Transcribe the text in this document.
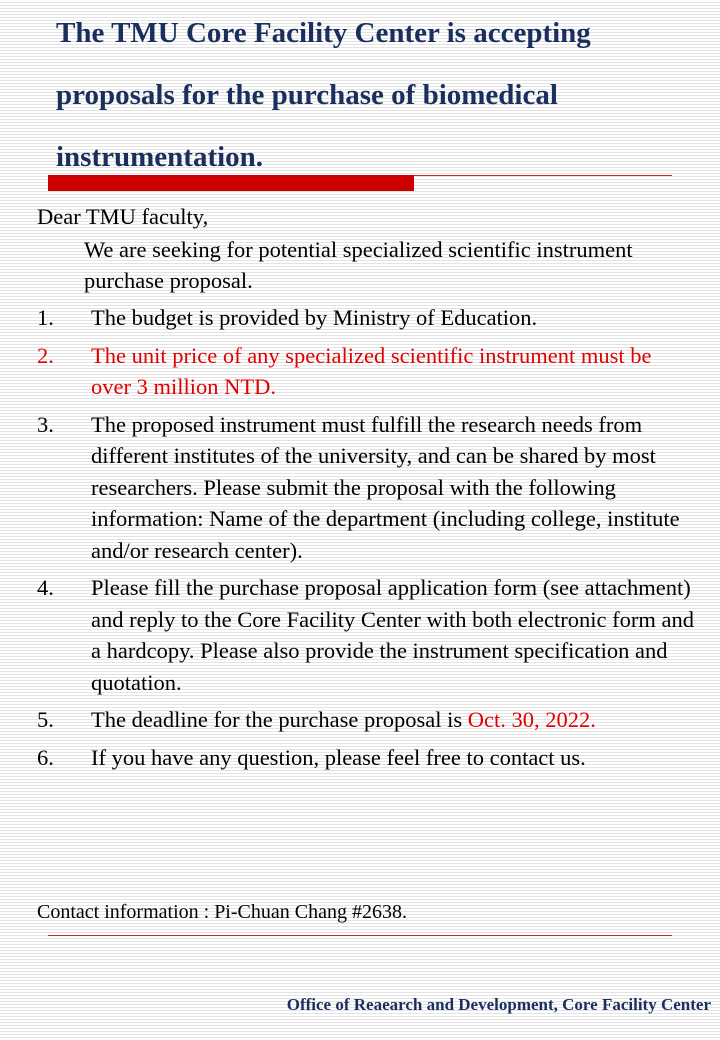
The TMU Core Facility Center is accepting proposals for the purchase of biomedical instrumentation.
Dear TMU faculty,
We are seeking for potential specialized scientific instrument purchase proposal.
1.	The budget is provided by Ministry of Education.
2.	The unit price of any specialized scientific instrument must be over 3 million NTD.
3.	The proposed instrument must fulfill the research needs from different institutes of the university, and can be shared by most researchers. Please submit the proposal with the following information: Name of the department (including college, institute and/or research center).
4.	Please fill the purchase proposal application form (see attachment) and reply to the Core Facility Center with both electronic form and a hardcopy. Please also provide the instrument specification and quotation.
5.	The deadline for the purchase proposal is Oct. 30, 2022.
6.	If you have any question, please feel free to contact us.
Contact information : Pi-Chuan Chang #2638.
Office of Reaearch and Development, Core Facility Center
